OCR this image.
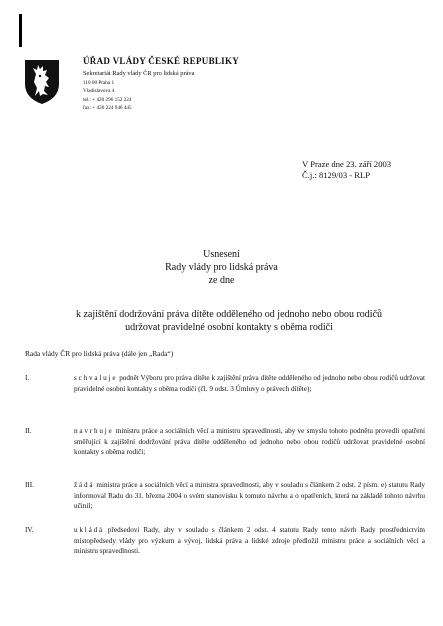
ÚŘAD VLÁDY ČESKÉ REPUBLIKY
Sekretariát Rady vlády ČR pro lidská práva
110 00 Praha 1
Vladislavova 4
tel.: + 420 296 153 224
fax: + 420 224 946 445
V Praze dne 23. září 2003
Č.j.: 8129/03 - RLP
Usnesení
Rady vlády pro lidská práva
ze dne
k zajištění dodržování práva dítěte odděleného od jednoho nebo obou rodičů
udržovat pravidelné osobní kontakty s oběma rodiči
Rada vlády ČR pro lidská práva (dále jen „Rada“)
I.	schvaluje podnět Výboru pro práva dítěte k zajištění práva dítěte odděleného od jednoho nebo obou rodičů udržovat pravidelné osobní kontakty s oběma rodiči (čl. 9 odst. 3 Úmluvy o právech dítěte);
II.	navrhuje ministru práce a sociálních věcí a ministru spravedlnosti, aby ve smyslu tohoto podnětu provedli opatření směřující k zajištění dodržování práva dítěte odděleného od jednoho nebo obou rodičů udržovat pravidelné osobní kontakty s oběma rodiči;
III.	žádá ministra práce a sociálních věcí a ministra spravedlnosti, aby v souladu s článkem 2 odst. 2 písm. e) statutu Rady informoval Radu do 31. března 2004 o svém stanovisku k tomuto návrhu a o opatřeních, která na základě tohoto návrhu učinil;
IV.	ukládá předsedovi Rady, aby v souladu s článkem 2 odst. 4 statutu Rady tento návrh Rady prostřednictvím místopředsedy vlády pro výzkum a vývoj, lidská práva a lidské zdroje předložil ministru práce a sociálních věcí a ministru spravedlnosti.
